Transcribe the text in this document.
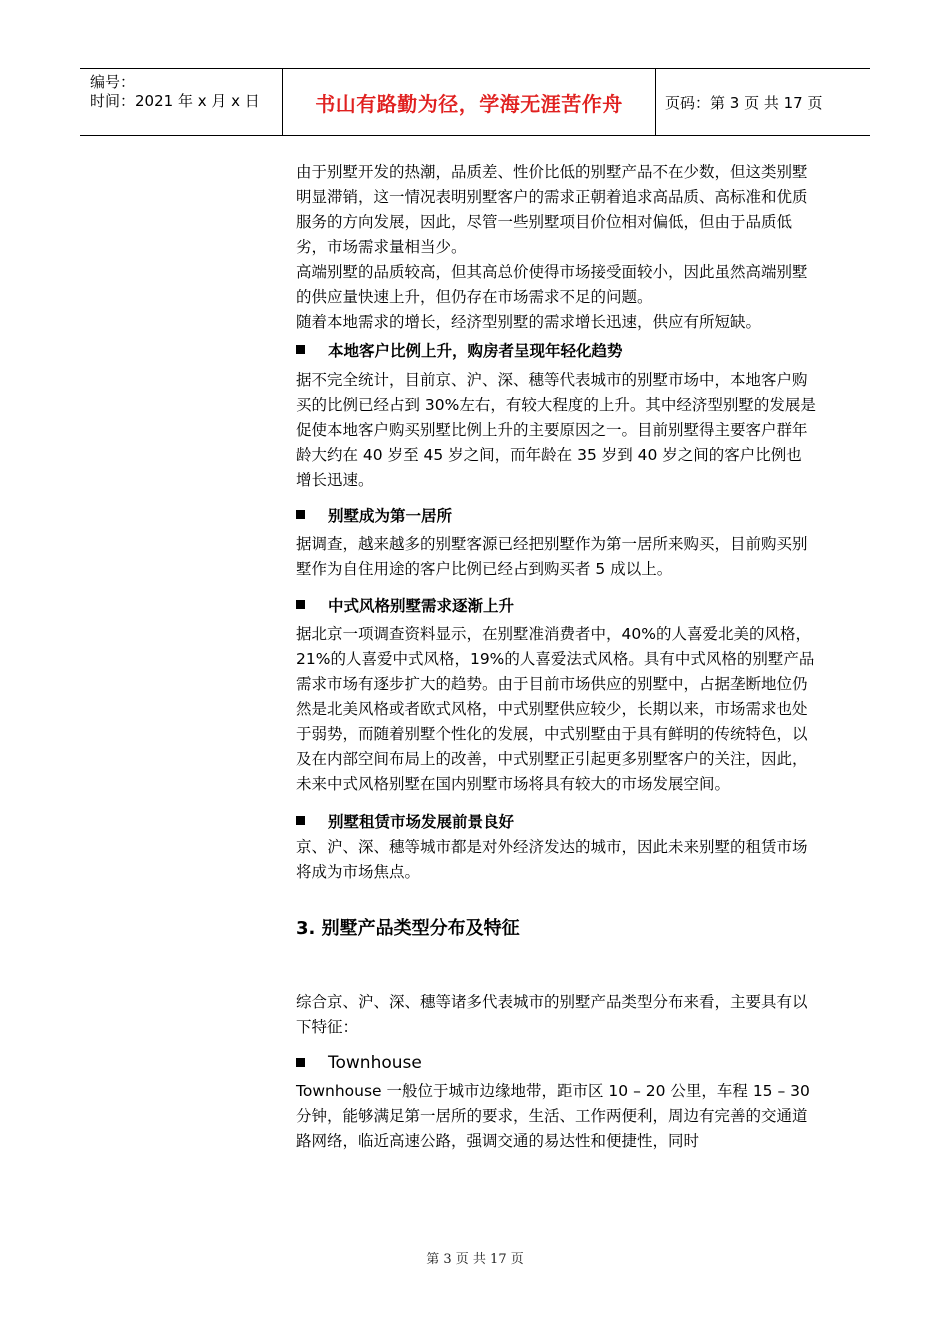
编号：
时间：2021 年 x 月 x 日	书山有路勤为径，学海无涯苦作舟	页码：第 3 页 共 17 页

由于别墅开发的热潮，品质差、性价比低的别墅产品不在少数，但这类别墅明显滞销，这一情况表明别墅客户的需求正朝着追求高品质、高标准和优质服务的方向发展，因此，尽管一些别墅项目价位相对偏低，但由于品质低劣，市场需求量相当少。

高端别墅的品质较高，但其高总价使得市场接受面较小，因此虽然高端别墅的供应量快速上升，但仍存在市场需求不足的问题。

随着本地需求的增长，经济型别墅的需求增长迅速，供应有所短缺。

本地客户比例上升，购房者呈现年轻化趋势

据不完全统计，目前京、沪、深、穗等代表城市的别墅市场中，本地客户购买的比例已经占到 30%左右，有较大程度的上升。其中经济型别墅的发展是促使本地客户购买别墅比例上升的主要原因之一。目前别墅得主要客户群年龄大约在 40 岁至 45 岁之间，而年龄在 35 岁到 40 岁之间的客户比例也增长迅速。

别墅成为第一居所

据调查，越来越多的别墅客源已经把别墅作为第一居所来购买，目前购买别墅作为自住用途的客户比例已经占到购买者 5 成以上。

中式风格别墅需求逐渐上升

据北京一项调查资料显示，在别墅准消费者中，40%的人喜爱北美的风格，21%的人喜爱中式风格，19%的人喜爱法式风格。具有中式风格的别墅产品需求市场有逐步扩大的趋势。由于目前市场供应的别墅中，占据垄断地位仍然是北美风格或者欧式风格，中式别墅供应较少，长期以来，市场需求也处于弱势，而随着别墅个性化的发展，中式别墅由于具有鲜明的传统特色，以及在内部空间布局上的改善，中式别墅正引起更多别墅客户的关注，因此，未来中式风格别墅在国内别墅市场将具有较大的市场发展空间。

别墅租赁市场发展前景良好

京、沪、深、穗等城市都是对外经济发达的城市，因此未来别墅的租赁市场将成为市场焦点。

3. 别墅产品类型分布及特征

综合京、沪、深、穗等诸多代表城市的别墅产品类型分布来看，主要具有以下特征：

Townhouse

Townhouse 一般位于城市边缘地带，距市区 10 – 20 公里，车程 15 – 30 分钟，能够满足第一居所的要求，生活、工作两便利，周边有完善的交通道路网络，临近高速公路，强调交通的易达性和便捷性，同时

第 3 页 共 17 页
